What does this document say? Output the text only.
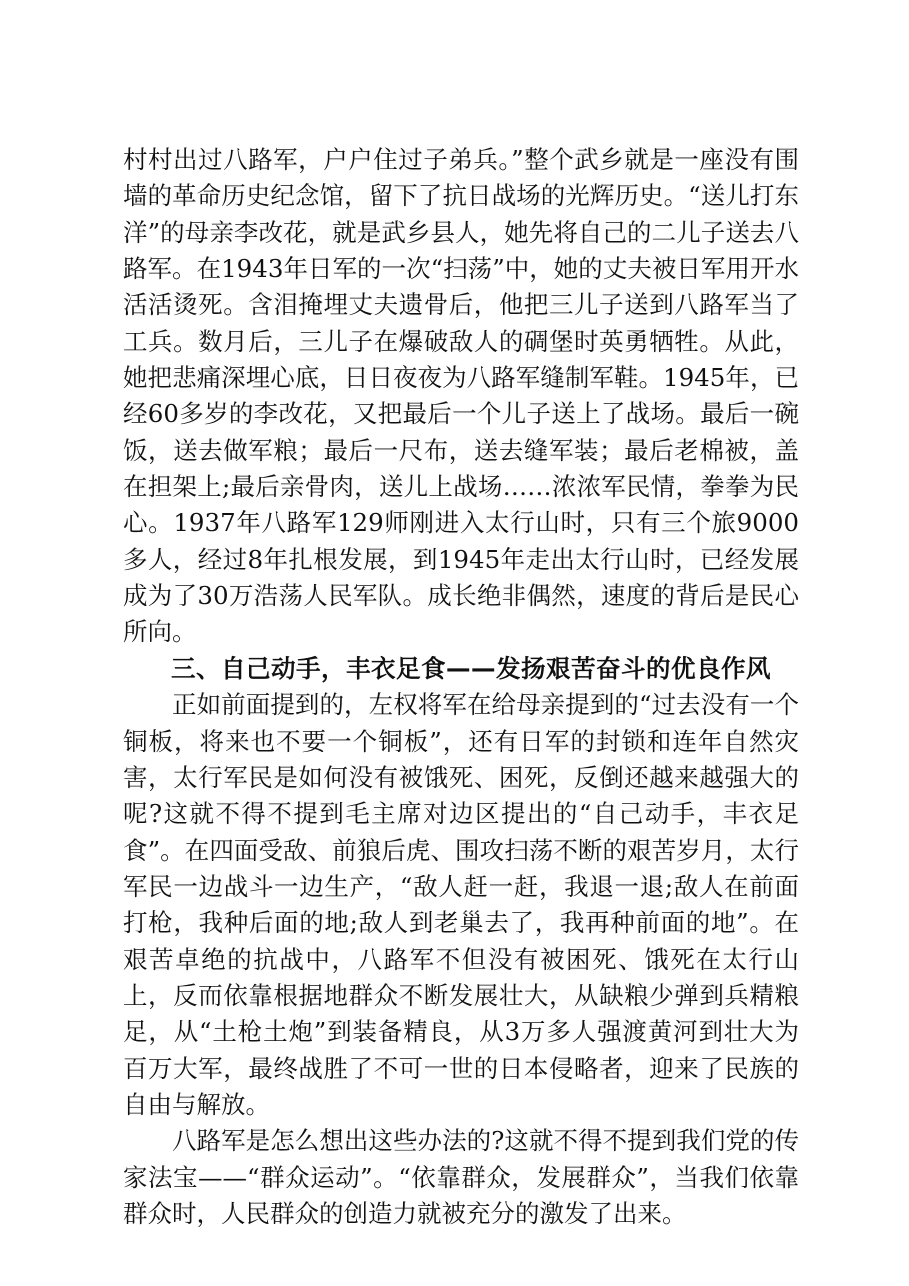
村村出过八路军，户户住过子弟兵。”整个武乡就是一座没有围墙的革命历史纪念馆，留下了抗日战场的光辉历史。“送儿打东洋”的母亲李改花，就是武乡县人，她先将自己的二儿子送去八路军。在1943年日军的一次“扫荡”中，她的丈夫被日军用开水活活烫死。含泪掩埋丈夫遗骨后，他把三儿子送到八路军当了工兵。数月后，三儿子在爆破敌人的碉堡时英勇牺牲。从此，她把悲痛深埋心底，日日夜夜为八路军缝制军鞋。1945年，已经60多岁的李改花，又把最后一个儿子送上了战场。最后一碗饭，送去做军粮；最后一尺布，送去缝军装；最后老棉被，盖在担架上;最后亲骨肉，送儿上战场……浓浓军民情，拳拳为民心。1937年八路军129师刚进入太行山时，只有三个旅9000多人，经过8年扎根发展，到1945年走出太行山时，已经发展成为了30万浩荡人民军队。成长绝非偶然，速度的背后是民心所向。

三、自己动手，丰衣足食——发扬艰苦奋斗的优良作风

正如前面提到的，左权将军在给母亲提到的“过去没有一个铜板，将来也不要一个铜板”，还有日军的封锁和连年自然灾害，太行军民是如何没有被饿死、困死，反倒还越来越强大的呢?这就不得不提到毛主席对边区提出的“自己动手，丰衣足食”。在四面受敌、前狼后虎、围攻扫荡不断的艰苦岁月，太行军民一边战斗一边生产，“敌人赶一赶，我退一退;敌人在前面打枪，我种后面的地;敌人到老巢去了，我再种前面的地”。在艰苦卓绝的抗战中，八路军不但没有被困死、饿死在太行山上，反而依靠根据地群众不断发展壮大，从缺粮少弹到兵精粮足，从“土枪土炮”到装备精良，从3万多人强渡黄河到壮大为百万大军，最终战胜了不可一世的日本侵略者，迎来了民族的自由与解放。

八路军是怎么想出这些办法的?这就不得不提到我们党的传家法宝——“群众运动”。“依靠群众，发展群众”，当我们依靠群众时，人民群众的创造力就被充分的激发了出来。
